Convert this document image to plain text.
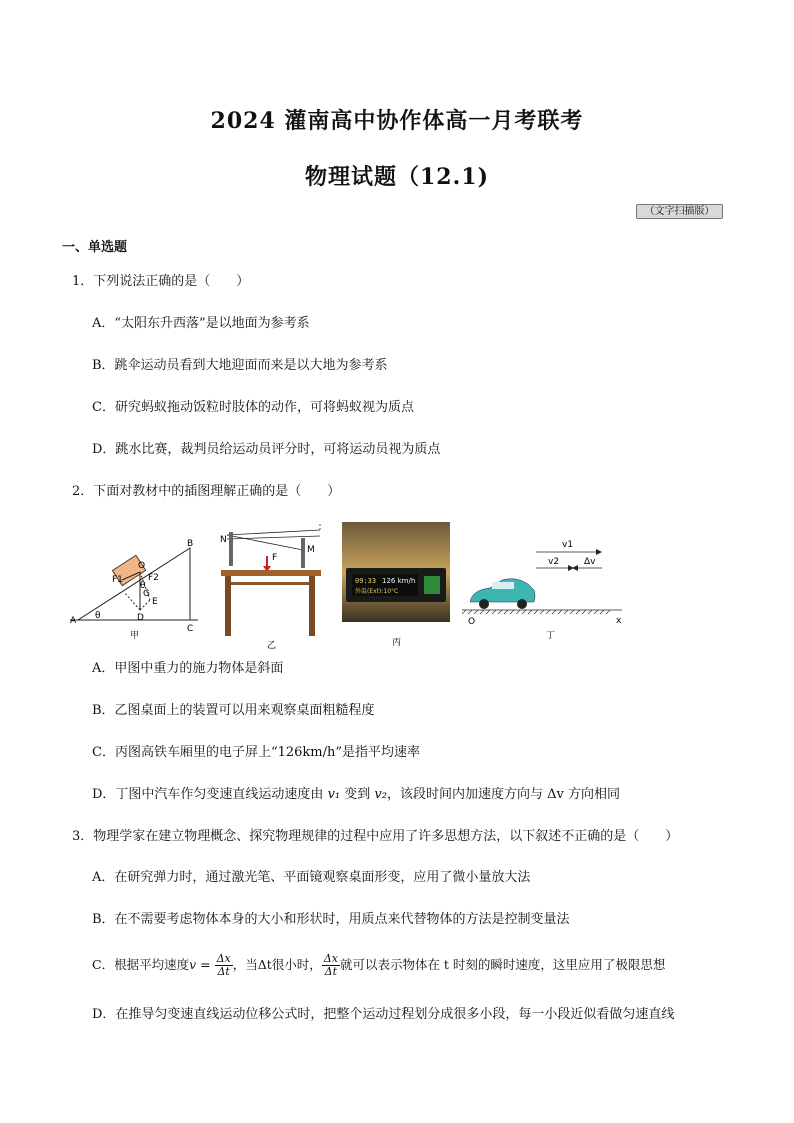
2024 灌南高中协作体高一月考联考
物理试题（12.1)
（文字扫描版）
一、单选题
1．下列说法正确的是（　　）
A．“太阳东升西落”是以地面为参考系
B．跳伞运动员看到大地迎面而来是以大地为参考系
C．研究蚂蚁拖动饭粒时肢体的动作，可将蚂蚁视为质点
D．跳水比赛，裁判员给运动员评分时，可将运动员视为质点
2．下面对教材中的插图理解正确的是（　　）
A
B
C
D
E
G
O
F1	F2
θ
θ
甲
N
M
F
乙
09:33 126 km/h
外温(Ext):10°C
丙
v1
v2	Δv
O	x
丁
A．甲图中重力的施力物体是斜面
B．乙图桌面上的装置可以用来观察桌面粗糙程度
C．丙图高铁车厢里的电子屏上“126km/h”是指平均速率
D．丁图中汽车作匀变速直线运动速度由 v₁ 变到 v₂，该段时间内加速度方向与 Δv 方向相同
3．物理学家在建立物理概念、探究物理规律的过程中应用了许多思想方法，以下叙述不正确的是（　　）
A．在研究弹力时，通过激光笔、平面镜观察桌面形变，应用了微小量放大法
B．在不需要考虑物体本身的大小和形状时，用质点来代替物体的方法是控制变量法
C．根据平均速度$v = \frac{\Delta x}{\Delta t}$ ，当Δt很小时， $\frac{\Delta x}{\Delta t}$ 就可以表示物体在 t 时刻的瞬时速度，这里应用了极限思想
D．在推导匀变速直线运动位移公式时，把整个运动过程划分成很多小段，每一小段近似看做匀速直线
